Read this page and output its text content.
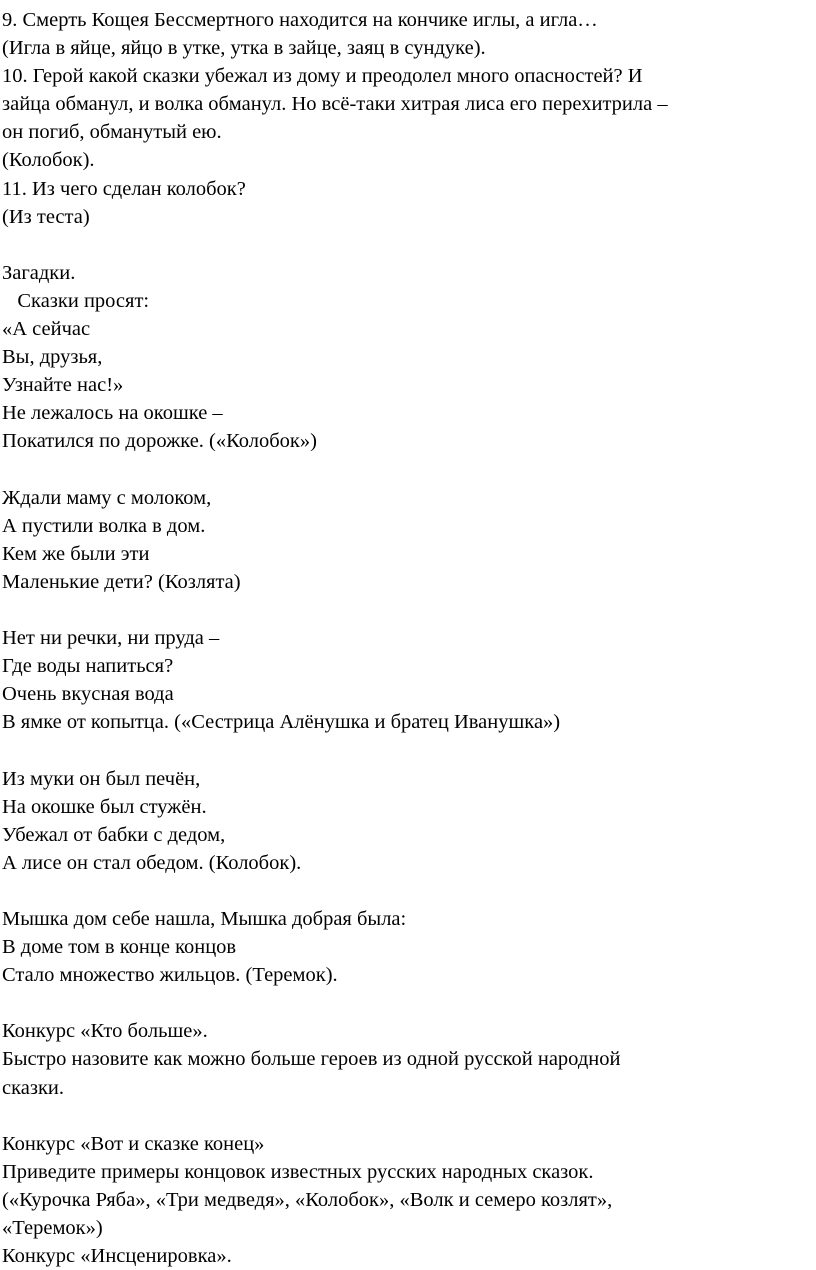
9. Смерть Кощея Бессмертного находится на кончике иглы, а игла…
(Игла в яйце, яйцо в утке, утка в зайце, заяц в сундуке).
10. Герой какой сказки убежал из дому и преодолел много опасностей? И
зайца обманул, и волка обманул. Но всё-таки хитрая лиса его перехитрила –
он погиб, обманутый ею.
(Колобок).
11. Из чего сделан колобок?
(Из теста)
Загадки.
Сказки просят:
«А сейчас
Вы, друзья,
Узнайте нас!»
Не лежалось на окошке –
Покатился по дорожке. («Колобок»)
Ждали маму с молоком,
А пустили волка в дом.
Кем же были эти
Маленькие дети? (Козлята)
Нет ни речки, ни пруда –
Где воды напиться?
Очень вкусная вода
В ямке от копытца. («Сестрица Алёнушка и братец Иванушка»)
Из муки он был печён,
На окошке был стужён.
Убежал от бабки с дедом,
А лисе он стал обедом. (Колобок).
Мышка дом себе нашла, Мышка добрая была:
В доме том в конце концов
Стало множество жильцов. (Теремок).
Конкурс «Кто больше».
Быстро назовите как можно больше героев из одной русской народной
сказки.
Конкурс «Вот и сказке конец»
Приведите примеры концовок известных русских народных сказок.
(«Курочка Ряба», «Три медведя», «Колобок», «Волк и семеро козлят»,
«Теремок»)
Конкурс «Инсценировка».
